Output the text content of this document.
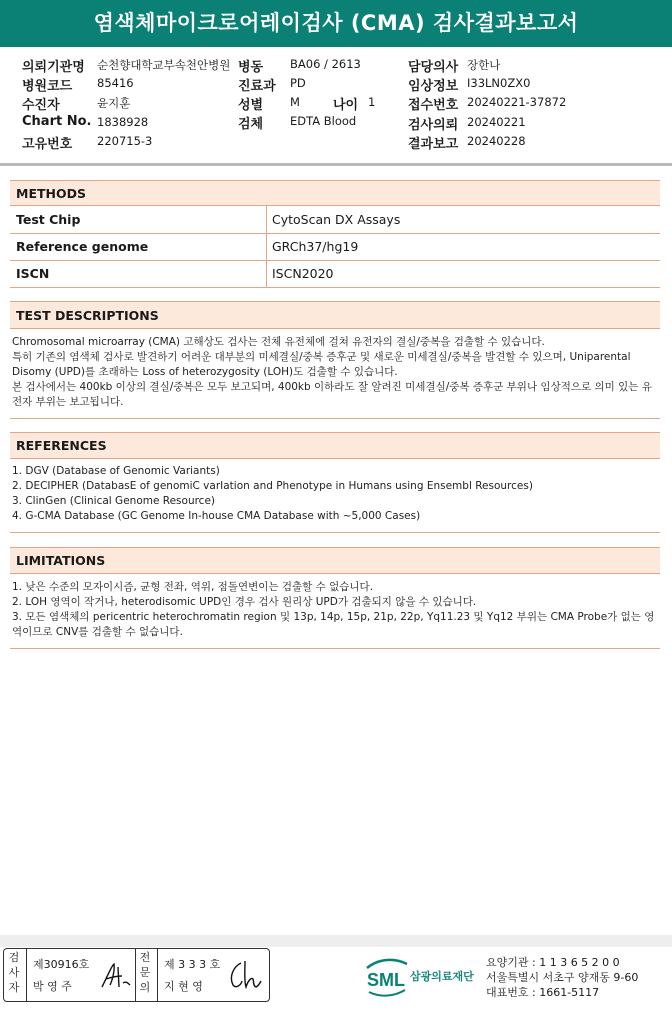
염색체마이크로어레이검사 (CMA) 검사결과보고서
의뢰기관명 순천향대학교부속천안병원 병동 BA06 / 2613	담당의사 장한나
병원코드 85416	진료과 PD	임상정보 I33LN0ZX0
수진자	윤지훈	성별 M	나이 1	접수번호 20240221-37872
Chart No. 1838928	검체 EDTA Blood	검사의뢰 20240221
고유번호 220715-3	결과보고 20240228
METHODS
Test Chip	CytoScan DX Assays
Reference genome	GRCh37/hg19
ISCN	ISCN2020
TEST DESCRIPTIONS

Chromosomal microarray (CMA) 고해상도 검사는 전체 유전체에 걸쳐 유전자의 결실/중복을 검출할 수 있습니다.

특히 기존의 염색체 검사로 발견하기 어려운 대부분의 미세결실/중복 증후군 및 새로운 미세결실/중복을 발견할 수 있으며, Uniparental Disomy (UPD)를 초래하는 Loss of heterozygosity (LOH)도 검출할 수 있습니다.

본 검사에서는 400kb 이상의 결실/중복은 모두 보고되며, 400kb 이하라도 잘 알려진 미세결실/중복 증후군 부위나 임상적으로 의미 있는 유전자 부위는 보고됩니다.

REFERENCES

1. DGV (Database of Genomic Variants)

2. DECIPHER (DatabasE of genomiC varIation and Phenotype in Humans using Ensembl Resources)

3. ClinGen (Clinical Genome Resource)

4. G-CMA Database (GC Genome In-house CMA Database with ~5,000 Cases)

LIMITATIONS

1. 낮은 수준의 모자이시즘, 균형 전좌, 역위, 점돌연변이는 검출할 수 없습니다.

2. LOH 영역이 작거나, heterodisomic UPD인 경우 검사 원리상 UPD가 검출되지 않을 수 있습니다.

3. 모든 염색체의 pericentric heterochromatin region 및 13p, 14p, 15p, 21p, 22p, Yq11.23 및 Yq12 부위는 CMA Probe가 없는 영역이므로 CNV를 검출할 수 없습니다.

검사자
제30916호
박 영 주
전문의
제 3 3 3 호
지 현 영	SML 삼광의료재단
요양기관 : 1 1 3 6 5 2 0 0
서울특별시 서초구 양재동 9-60
대표번호 : 1661-5117
